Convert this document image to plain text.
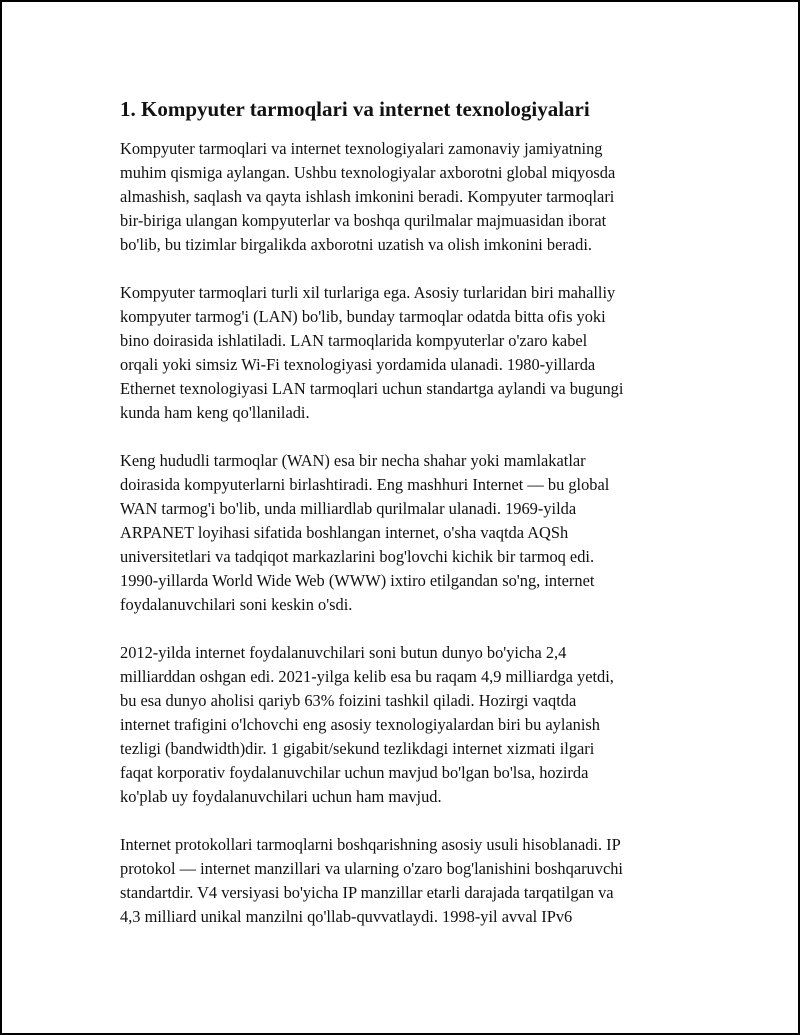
1. Kompyuter tarmoqlari va internet texnologiyalari

Kompyuter tarmoqlari va internet texnologiyalari zamonaviy jamiyatning
muhim qismiga aylangan. Ushbu texnologiyalar axborotni global miqyosda
almashish, saqlash va qayta ishlash imkonini beradi. Kompyuter tarmoqlari
bir-biriga ulangan kompyuterlar va boshqa qurilmalar majmuasidan iborat
bo'lib, bu tizimlar birgalikda axborotni uzatish va olish imkonini beradi.

Kompyuter tarmoqlari turli xil turlariga ega. Asosiy turlaridan biri mahalliy
kompyuter tarmog'i (LAN) bo'lib, bunday tarmoqlar odatda bitta ofis yoki
bino doirasida ishlatiladi. LAN tarmoqlarida kompyuterlar o'zaro kabel
orqali yoki simsiz Wi-Fi texnologiyasi yordamida ulanadi. 1980-yillarda
Ethernet texnologiyasi LAN tarmoqlari uchun standartga aylandi va bugungi
kunda ham keng qo'llaniladi.

Keng hududli tarmoqlar (WAN) esa bir necha shahar yoki mamlakatlar
doirasida kompyuterlarni birlashtiradi. Eng mashhuri Internet — bu global
WAN tarmog'i bo'lib, unda milliardlab qurilmalar ulanadi. 1969-yilda
ARPANET loyihasi sifatida boshlangan internet, o'sha vaqtda AQSh
universitetlari va tadqiqot markazlarini bog'lovchi kichik bir tarmoq edi.
1990-yillarda World Wide Web (WWW) ixtiro etilgandan so'ng, internet
foydalanuvchilari soni keskin o'sdi.

2012-yilda internet foydalanuvchilari soni butun dunyo bo'yicha 2,4
milliarddan oshgan edi. 2021-yilga kelib esa bu raqam 4,9 milliardga yetdi,
bu esa dunyo aholisi qariyb 63% foizini tashkil qiladi. Hozirgi vaqtda
internet trafigini o'lchovchi eng asosiy texnologiyalardan biri bu aylanish
tezligi (bandwidth)dir. 1 gigabit/sekund tezlikdagi internet xizmati ilgari
faqat korporativ foydalanuvchilar uchun mavjud bo'lgan bo'lsa, hozirda
ko'plab uy foydalanuvchilari uchun ham mavjud.

Internet protokollari tarmoqlarni boshqarishning asosiy usuli hisoblanadi. IP
protokol — internet manzillari va ularning o'zaro bog'lanishini boshqaruvchi
standartdir. V4 versiyasi bo'yicha IP manzillar etarli darajada tarqatilgan va
4,3 milliard unikal manzilni qo'llab-quvvatlaydi. 1998-yil avval IPv6
